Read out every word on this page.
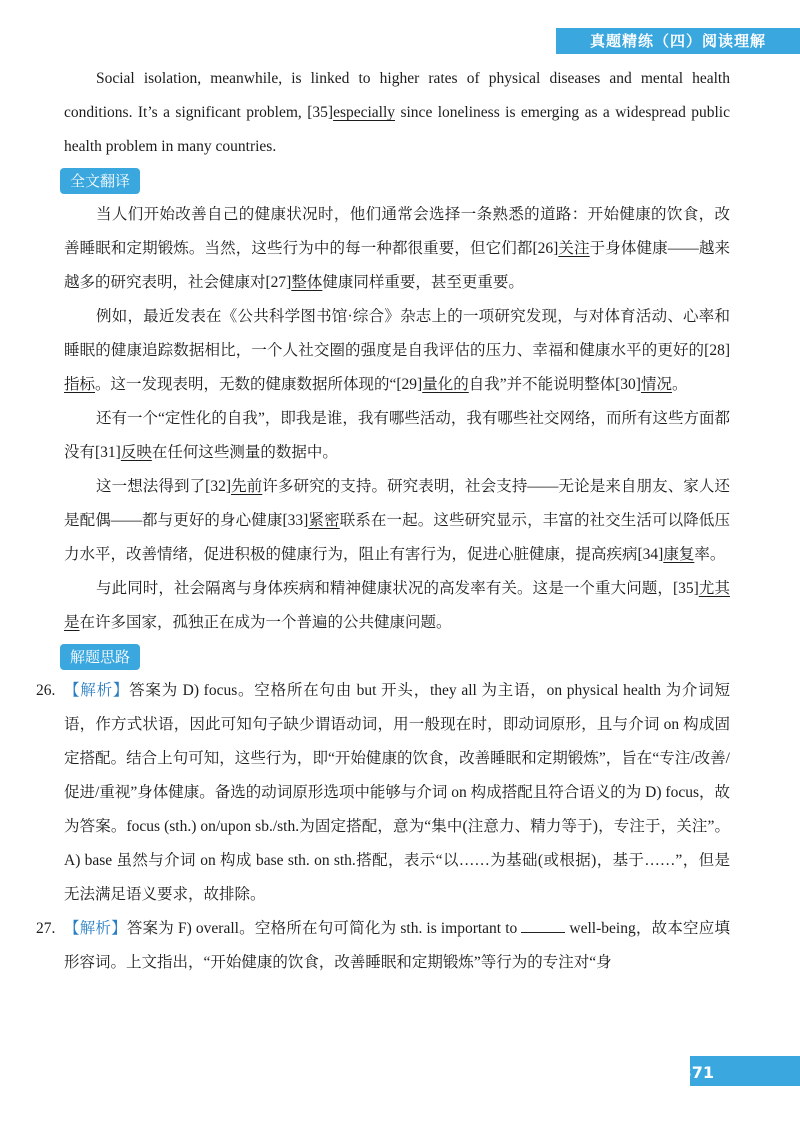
真题精练（四）阅读理解

Social isolation, meanwhile, is linked to higher rates of physical diseases and mental health conditions. It’s a significant problem, [35]especially since loneliness is emerging as a widespread public health problem in many countries.

全文翻译

当人们开始改善自己的健康状况时，他们通常会选择一条熟悉的道路：开始健康的饮食，改善睡眠和定期锻炼。当然，这些行为中的每一种都很重要，但它们都[26]关注于身体健康——越来越多的研究表明，社会健康对[27]整体健康同样重要，甚至更重要。

例如，最近发表在《公共科学图书馆·综合》杂志上的一项研究发现，与对体育活动、心率和睡眠的健康追踪数据相比，一个人社交圈的强度是自我评估的压力、幸福和健康水平的更好的[28]指标。这一发现表明，无数的健康数据所体现的“[29]量化的自我”并不能说明整体[30]情况。

还有一个“定性化的自我”，即我是谁，我有哪些活动，我有哪些社交网络，而所有这些方面都没有[31]反映在任何这些测量的数据中。

这一想法得到了[32]先前许多研究的支持。研究表明，社会支持——无论是来自朋友、家人还是配偶——都与更好的身心健康[33]紧密联系在一起。这些研究显示，丰富的社交生活可以降低压力水平，改善情绪，促进积极的健康行为，阻止有害行为，促进心脏健康，提高疾病[34]康复率。

与此同时，社会隔离与身体疾病和精神健康状况的高发率有关。这是一个重大问题，[35]尤其是在许多国家，孤独正在成为一个普遍的公共健康问题。

解题思路

26. 【解析】答案为 D) focus。空格所在句由 but 开头，they all 为主语，on physical health 为介词短语，作方式状语，因此可知句子缺少谓语动词，用一般现在时，即动词原形，且与介词 on 构成固定搭配。结合上句可知，这些行为，即“开始健康的饮食，改善睡眠和定期锻炼”，旨在“专注/改善/促进/重视”身体健康。备选的动词原形选项中能够与介词 on 构成搭配且符合语义的为 D) focus，故为答案。focus (sth.) on/upon sb./sth.为固定搭配，意为“集中(注意力、精力等于)，专注于，关注”。A) base 虽然与介词 on 构成 base sth. on sth.搭配，表示“以……为基础(或根据)，基于……”，但是无法满足语义要求，故排除。

27. 【解析】答案为 F) overall。空格所在句可简化为 sth. is important to	well-being，故本空应填形容词。上文指出，“开始健康的饮食，改善睡眠和定期锻炼”等行为的专注对“身

371
